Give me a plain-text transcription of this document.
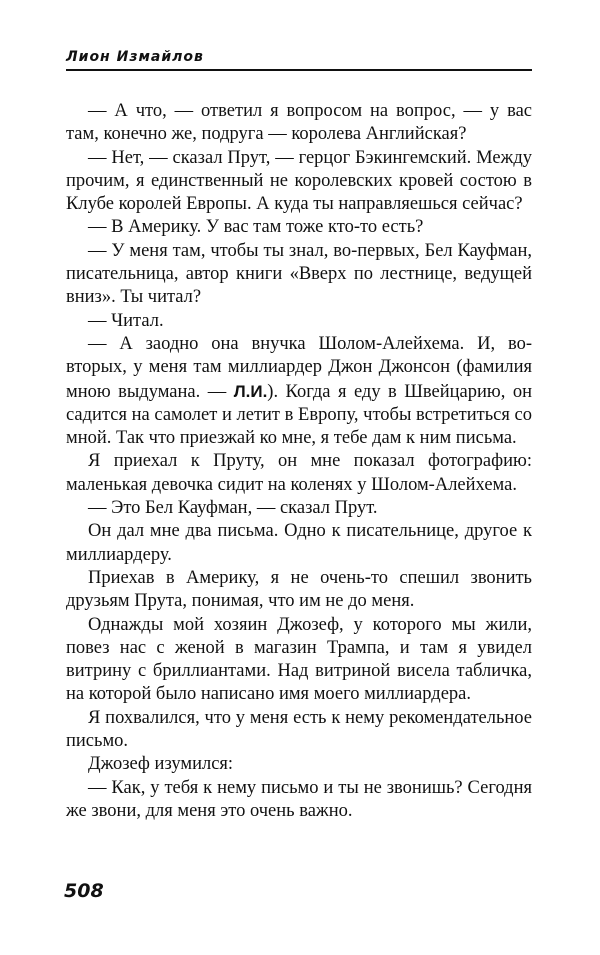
Лион Измайлов

— А что, — ответил я вопросом на вопрос, — у вас там, конечно же, подруга — королева Английская?

— Нет, — сказал Прут, — герцог Бэкингемский. Между прочим, я единственный не королевских кровей состою в Клубе королей Европы. А куда ты направляешься сейчас?

— В Америку. У вас там тоже кто-то есть?

— У меня там, чтобы ты знал, во-первых, Бел Кауфман, писательница, автор книги «Вверх по лестнице, ведущей вниз». Ты читал?

— Читал.

— А заодно она внучка Шолом-Алейхема. И, во-вторых, у меня там миллиардер Джон Джонсон (фамилия мною выдумана. — Л.И.). Когда я еду в Швейцарию, он садится на самолет и летит в Европу, чтобы встретиться со мной. Так что приезжай ко мне, я тебе дам к ним письма.

Я приехал к Пруту, он мне показал фотографию: маленькая девочка сидит на коленях у Шолом-Алейхема.

— Это Бел Кауфман, — сказал Прут.

Он дал мне два письма. Одно к писательнице, другое к миллиардеру.

Приехав в Америку, я не очень-то спешил звонить друзьям Прута, понимая, что им не до меня.

Однажды мой хозяин Джозеф, у которого мы жили, повез нас с женой в магазин Трампа, и там я увидел витрину с бриллиантами. Над витриной висела табличка, на которой было написано имя моего миллиардера.

Я похвалился, что у меня есть к нему рекомендательное письмо.

Джозеф изумился:

— Как, у тебя к нему письмо и ты не звонишь? Сегодня же звони, для меня это очень важно.

508
